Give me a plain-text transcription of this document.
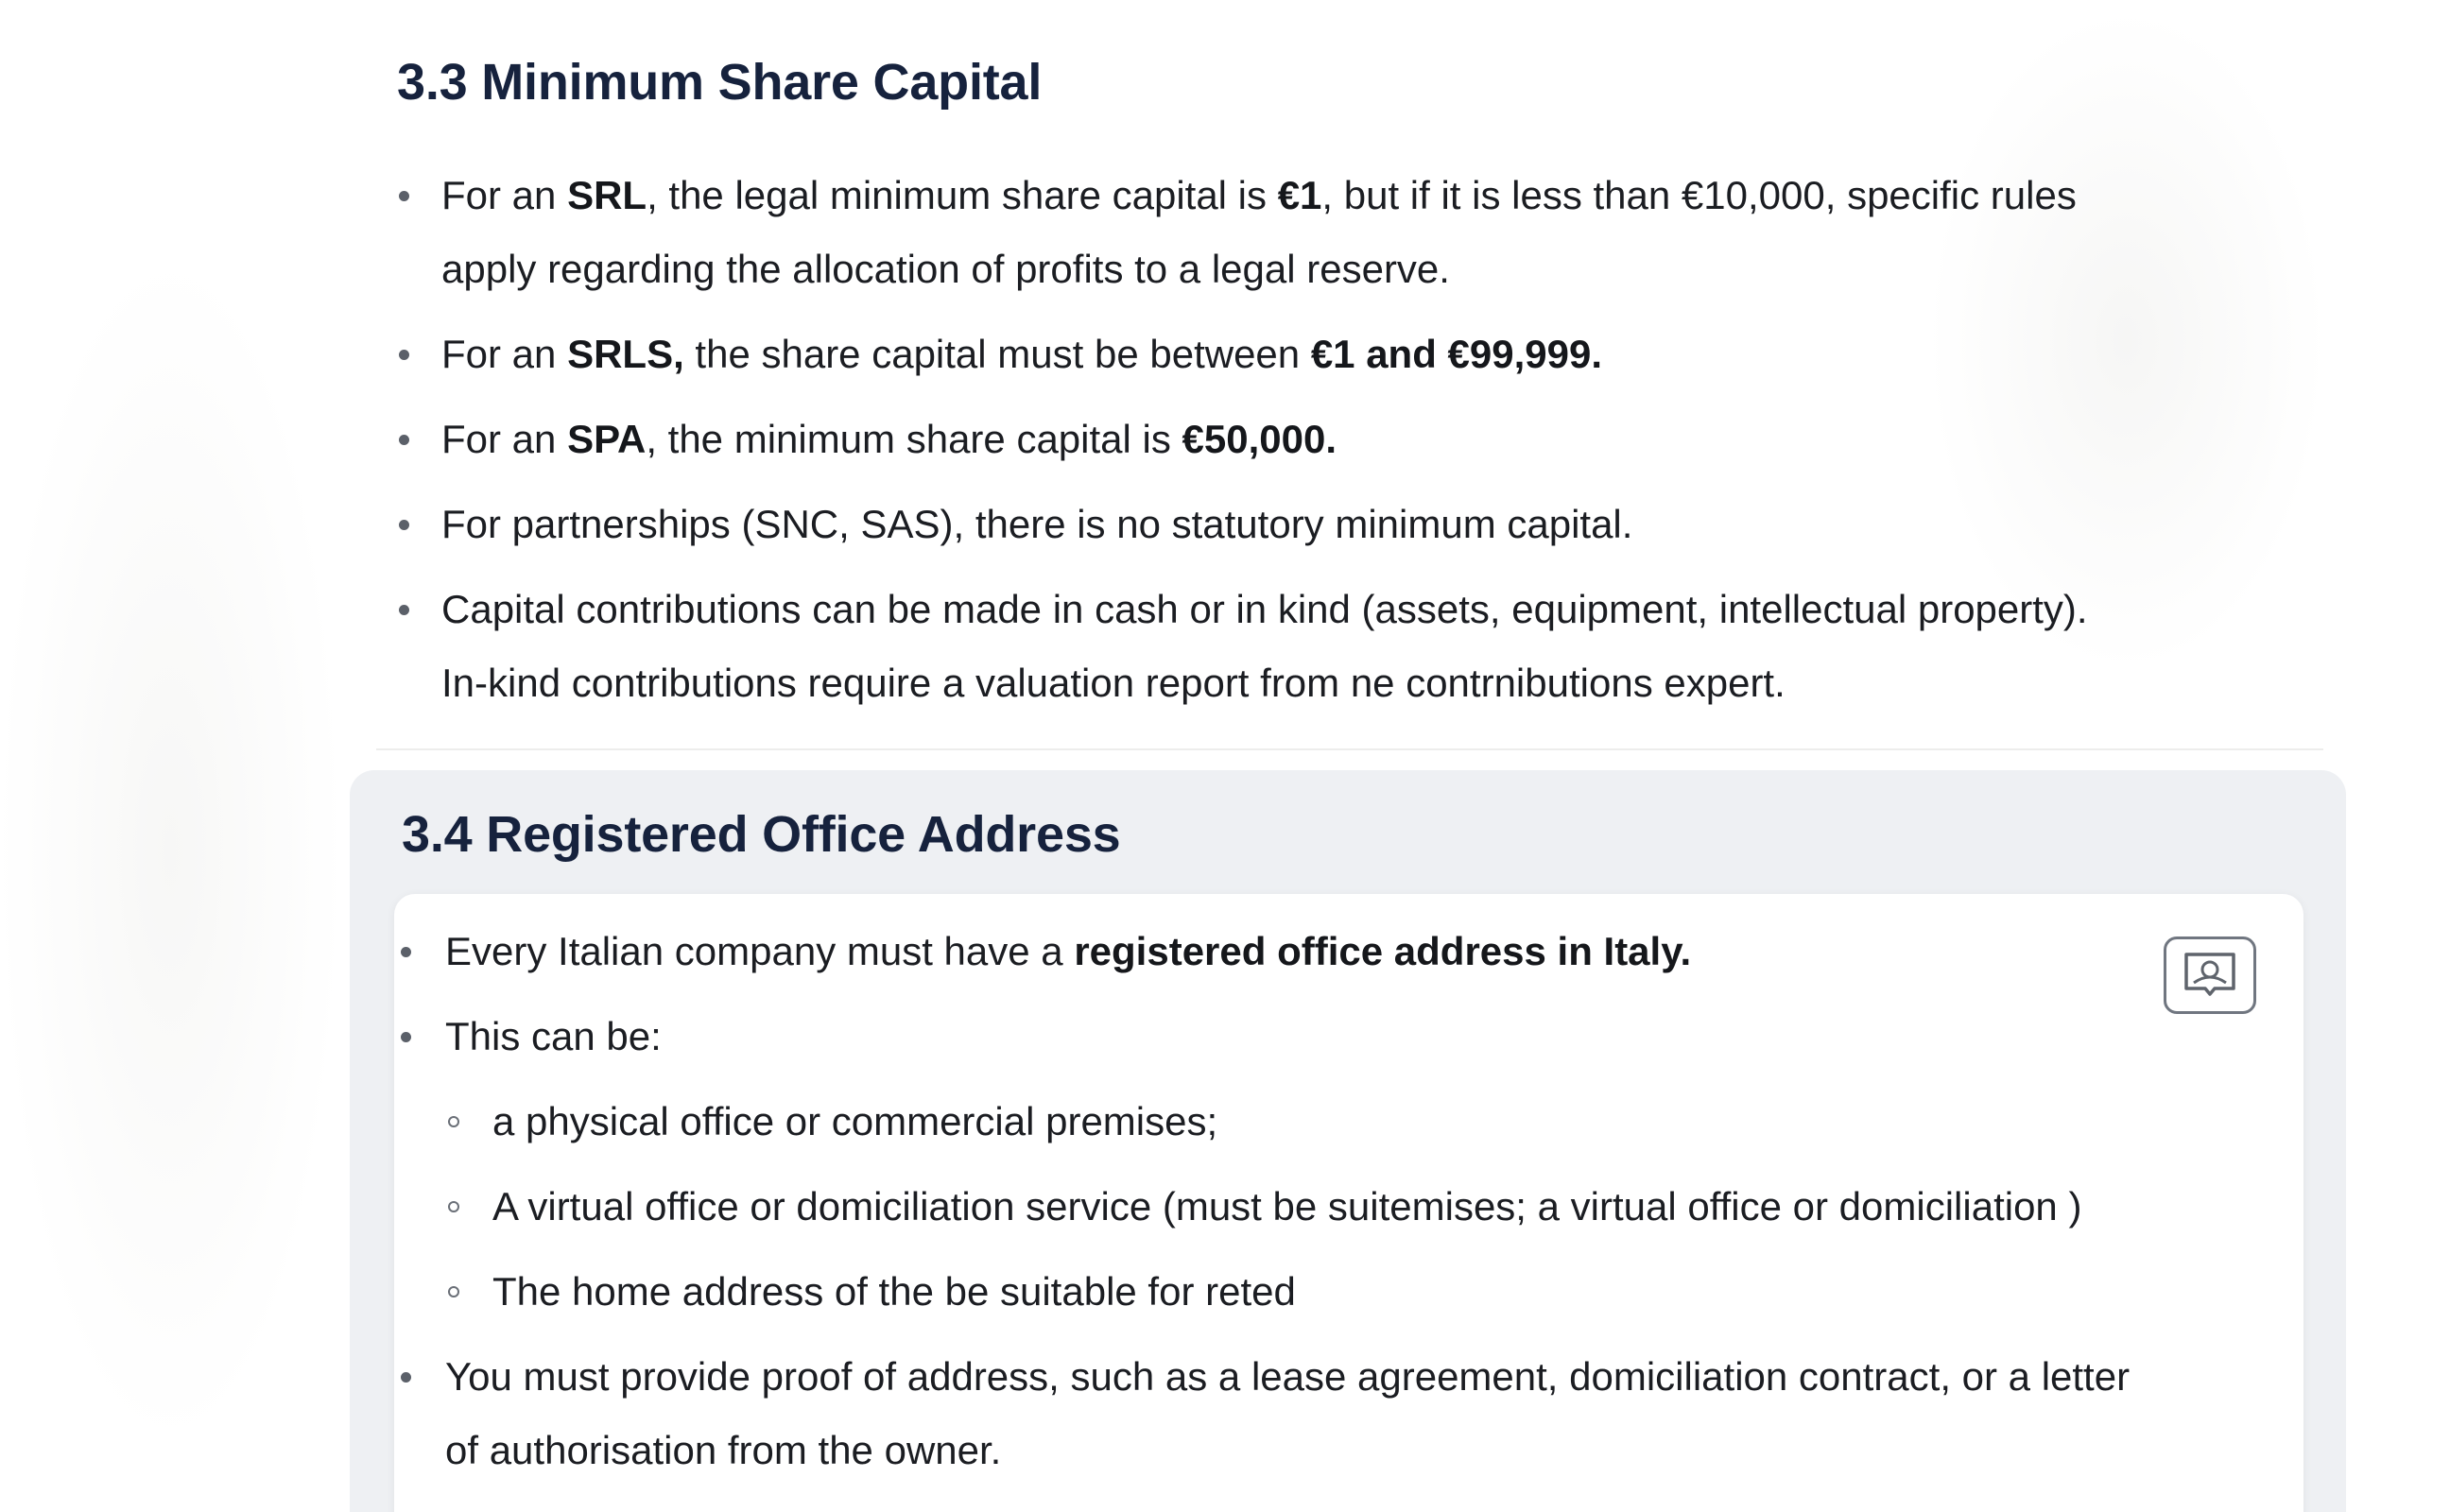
3.3 Minimum Share Capital
For an SRL, the legal minimum share capital is €1, but if it is less than €10,000, specific rules
apply regarding the allocation of profits to a legal reserve.
For an SRLS, the share capital must be between €1 and €99,999.
For an SPA, the minimum share capital is €50,000.
For partnerships (SNC, SAS), there is no statutory minimum capital.
Capital contributions can be made in cash or in kind (assets, equipment, intellectual property).
In-kind contributions require a valuation report from ne contrnibutions expert.
3.4 Registered Office Address
Every Italian company must have a registered office address in Italy.
This can be:
a physical office or commercial premises;
A virtual office or domiciliation service (must be suitemises; a virtual office or domiciliation )
The home address of the be suitable for reted
You must provide proof of address, such as a lease agreement, domiciliation contract, or a letter
of authorisation from the owner.
